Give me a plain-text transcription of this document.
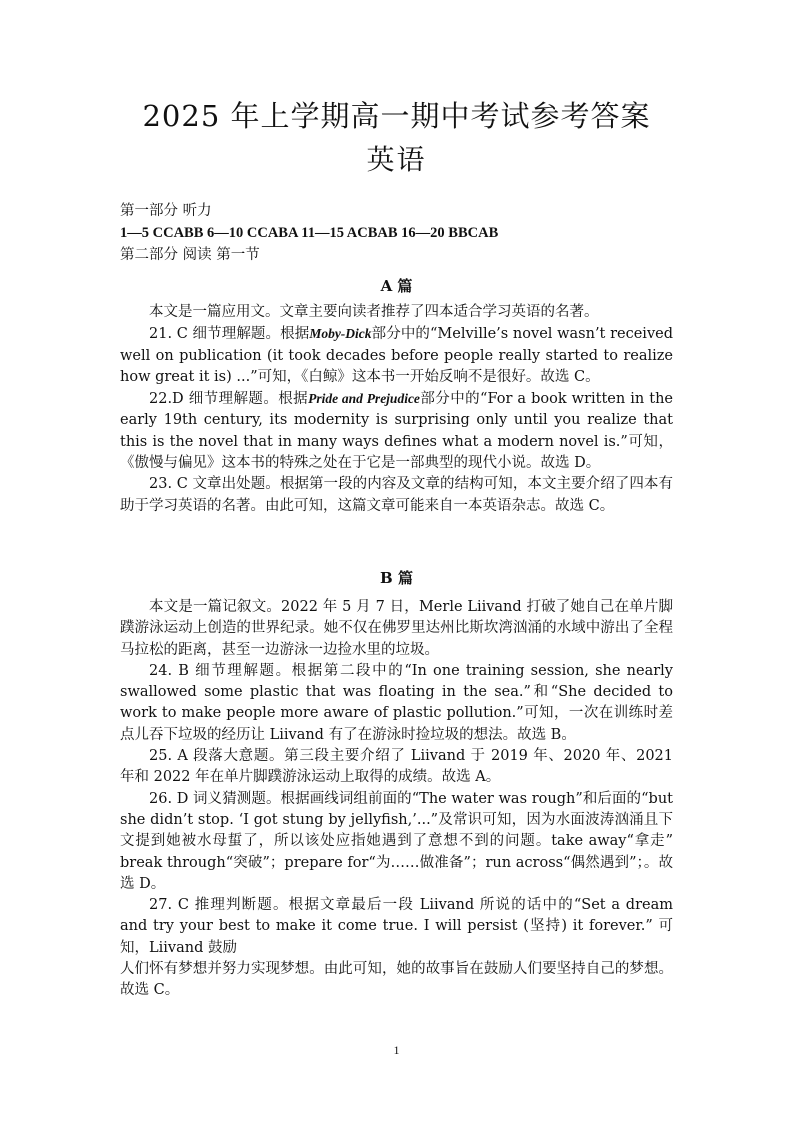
2025 年上学期高一期中考试参考答案
英语
第一部分 听力
1—5 CCABB 6—10 CCABA 11—15 ACBAB 16—20 BBCAB
第二部分 阅读 第一节
A 篇

本文是一篇应用文。文章主要向读者推荐了四本适合学习英语的名著。

21. C 细节理解题。根据Moby-Dick部分中的“Melville’s novel wasn’t received well on publication (it took decades before people really started to realize how great it is) ...”可知，《白鲸》这本书一开始反响不是很好。故选 C。

22.D 细节理解题。根据Pride and Prejudice部分中的“For a book written in the early 19th century, its modernity is surprising only until you realize that this is the novel that in many ways defines what a modern novel is.”可知，《傲慢与偏见》这本书的特殊之处在于它是一部典型的现代小说。故选 D。

23. C 文章出处题。根据第一段的内容及文章的结构可知，本文主要介绍了四本有助于学习英语的名著。由此可知，这篇文章可能来自一本英语杂志。故选 C。

B 篇

本文是一篇记叙文。2022 年 5 月 7 日，Merle Liivand 打破了她自己在单片脚蹼游泳运动上创造的世界纪录。她不仅在佛罗里达州比斯坎湾汹涌的水域中游出了全程马拉松的距离，甚至一边游泳一边捡水里的垃圾。

24. B 细节理解题。根据第二段中的“In one training session, she nearly swallowed some plastic that was floating in the sea.”和“She decided to work to make people more aware of plastic pollution.”可知，一次在训练时差点儿吞下垃圾的经历让 Liivand 有了在游泳时捡垃圾的想法。故选 B。

25. A 段落大意题。第三段主要介绍了 Liivand 于 2019 年、2020 年、2021 年和 2022 年在单片脚蹼游泳运动上取得的成绩。故选 A。

26. D 词义猜测题。根据画线词组前面的“The water was rough”和后面的“but she didn’t stop. ‘I got stung by jellyfish,’...”及常识可知，因为水面波涛汹涌且下文提到她被水母蜇了，所以该处应指她遇到了意想不到的问题。take away“拿走” break through“突破”；prepare for“为……做准备”；run across“偶然遇到”；。故选 D。

27. C 推理判断题。根据文章最后一段 Liivand 所说的话中的“Set a dream and try your best to make it come true. I will persist (坚持) it forever.” 可知，Liivand 鼓励

人们怀有梦想并努力实现梦想。由此可知，她的故事旨在鼓励人们要坚持自己的梦想。故选 C。

1
